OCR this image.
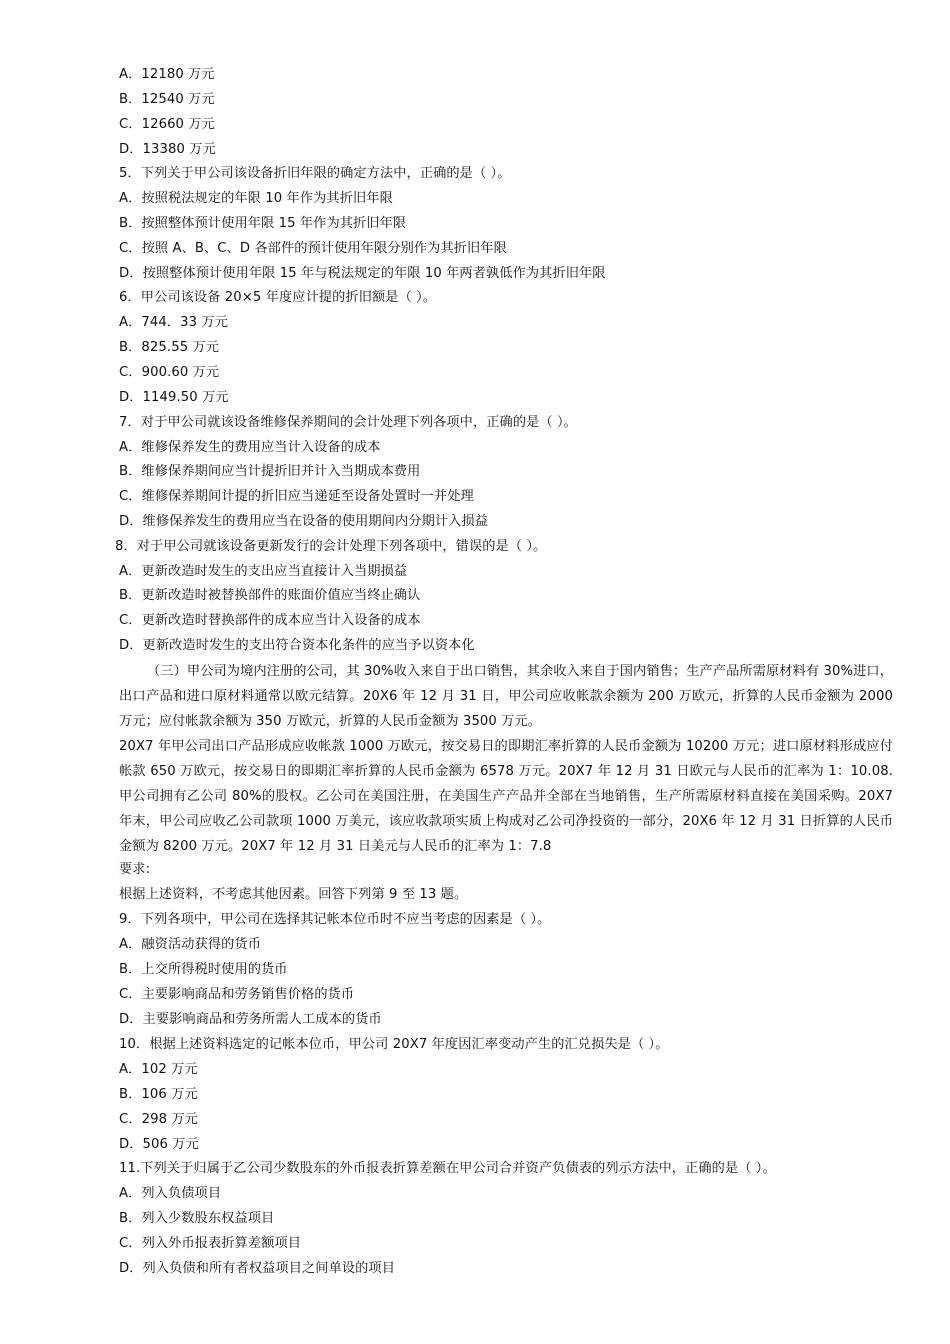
A．12180 万元
B．12540 万元
C．12660 万元
D．13380 万元
5．下列关于甲公司该设备折旧年限的确定方法中，正确的是（ ）。
A．按照税法规定的年限 10 年作为其折旧年限
B．按照整体预计使用年限 15 年作为其折旧年限
C．按照 A、B、C、D 各部件的预计使用年限分别作为其折旧年限
D．按照整体预计使用年限 15 年与税法规定的年限 10 年两者孰低作为其折旧年限
6．甲公司该设备 20×5 年度应计提的折旧额是（ ）。
A．744．33 万元
B．825.55 万元
C．900.60 万元
D．1149.50 万元
7．对于甲公司就该设备维修保养期间的会计处理下列各项中，正确的是（ ）。
A．维修保养发生的费用应当计入设备的成本
B．维修保养期间应当计提折旧并计入当期成本费用
C．维修保养期间计提的折旧应当递延至设备处置时一并处理
D．维修保养发生的费用应当在设备的使用期间内分期计入损益
8．对于甲公司就该设备更新发行的会计处理下列各项中，错误的是（ ）。
A．更新改造时发生的支出应当直接计入当期损益
B．更新改造时被替换部件的账面价值应当终止确认
C．更新改造时替换部件的成本应当计入设备的成本
D．更新改造时发生的支出符合资本化条件的应当予以资本化
（三）甲公司为境内注册的公司，其 30%收入来自于出口销售，其余收入来自于国内销售；生产产品所需原材料有 30%进口，出口产品和进口原材料通常以欧元结算。20X6 年 12 月 31 日，甲公司应收帐款余额为 200 万欧元，折算的人民币金额为 2000 万元；应付帐款余额为 350 万欧元，折算的人民币金额为 3500 万元。
20X7 年甲公司出口产品形成应收帐款 1000 万欧元，按交易日的即期汇率折算的人民币金额为 10200 万元；进口原材料形成应付帐款 650 万欧元，按交易日的即期汇率折算的人民币金额为 6578 万元。20X7 年 12 月 31 日欧元与人民币的汇率为 1：10.08.甲公司拥有乙公司 80%的股权。乙公司在美国注册，在美国生产产品并全部在当地销售，生产所需原材料直接在美国采购。20X7 年末，甲公司应收乙公司款项 1000 万美元，该应收款项实质上构成对乙公司净投资的一部分，20X6 年 12 月 31 日折算的人民币金额为 8200 万元。20X7 年 12 月 31 日美元与人民币的汇率为 1：7.8
要求:
根据上述资料，不考虑其他因素。回答下列第 9 至 13 题。
9．下列各项中，甲公司在选择其记帐本位币时不应当考虑的因素是（ ）。
A．融资活动获得的货币
B．上交所得税时使用的货币
C．主要影响商品和劳务销售价格的货币
D．主要影响商品和劳务所需人工成本的货币
10．根据上述资料选定的记帐本位币，甲公司 20X7 年度因汇率变动产生的汇兑损失是（ ）。
A．102 万元
B．106 万元
C．298 万元
D．506 万元
11.下列关于归属于乙公司少数股东的外币报表折算差额在甲公司合并资产负债表的列示方法中，正确的是（ ）。
A．列入负债项目
B．列入少数股东权益项目
C．列入外币报表折算差额项目
D．列入负债和所有者权益项目之间单设的项目
